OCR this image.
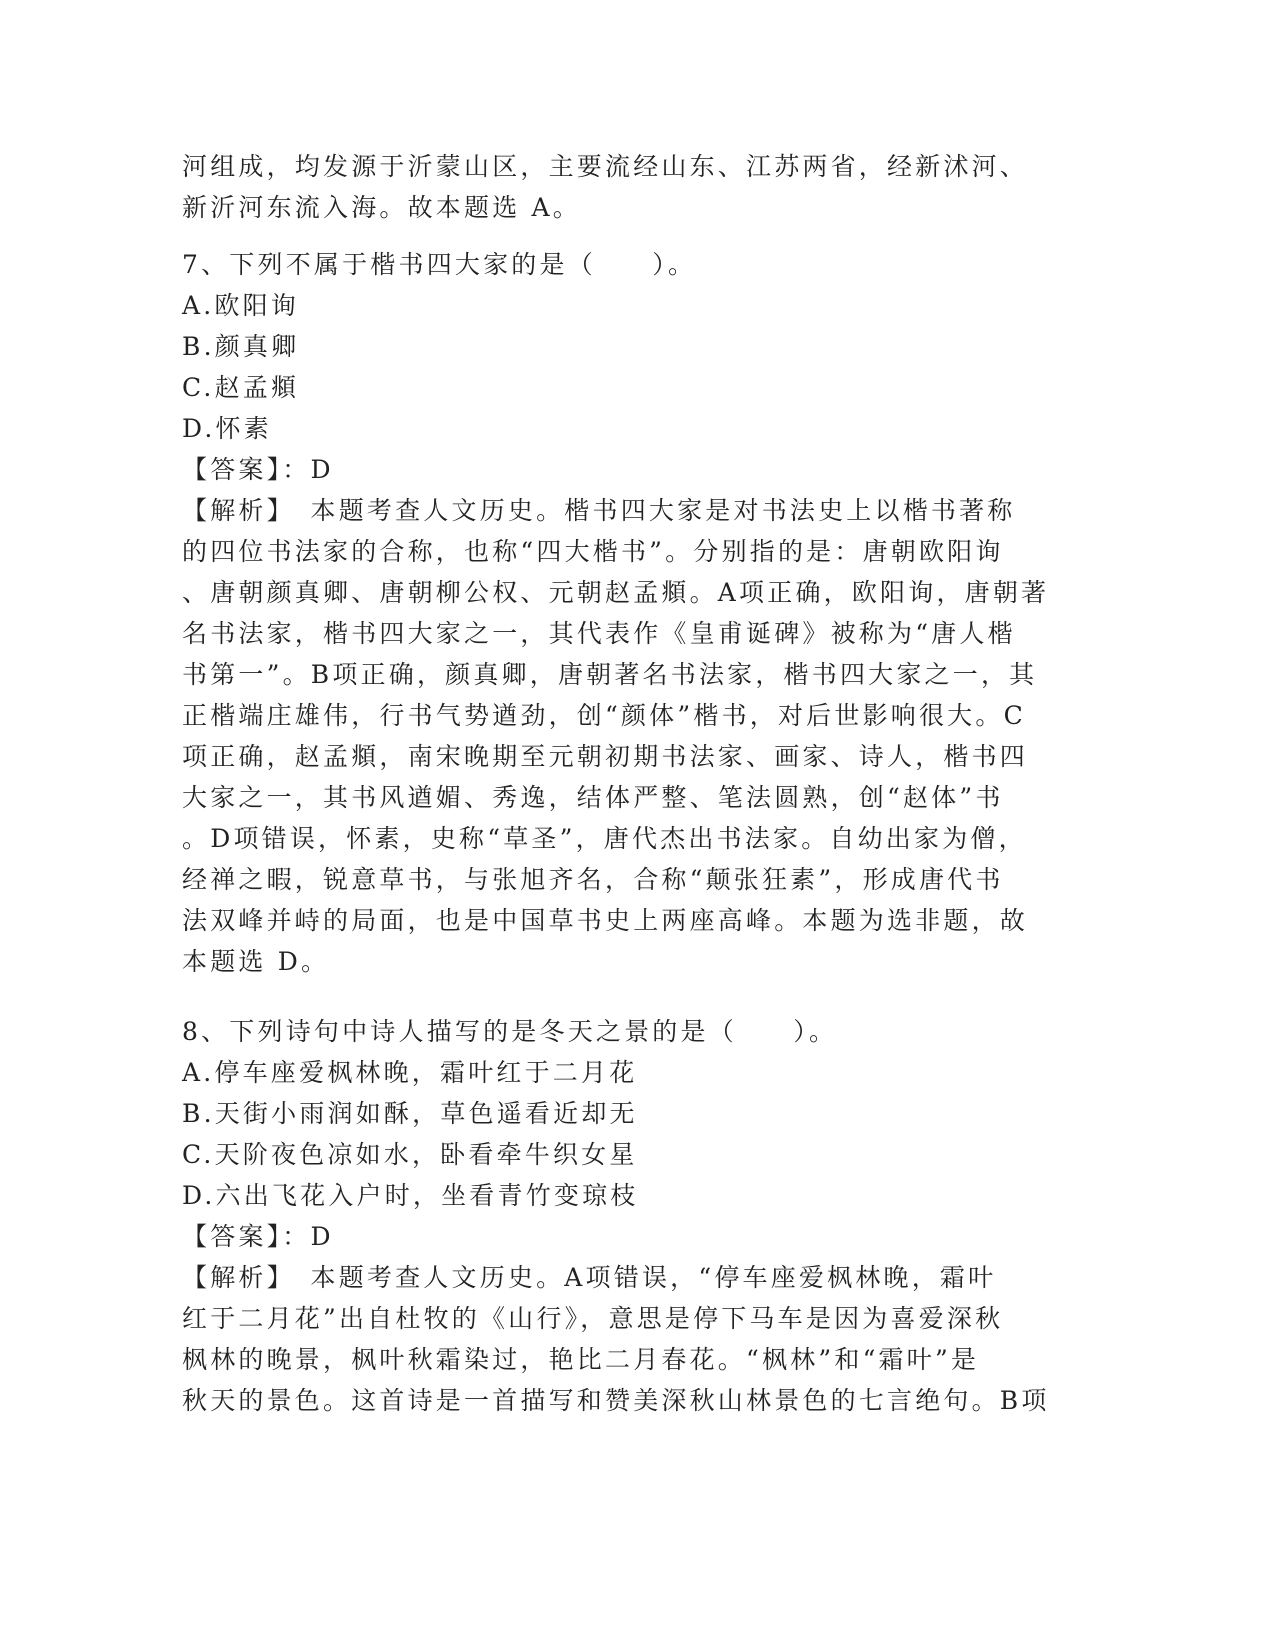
河组成，均发源于沂蒙山区，主要流经山东、江苏两省，经新沭河、
新沂河东流入海。故本题选 A。
7、下列不属于楷书四大家的是（　　）。
A.欧阳询
B.颜真卿
C.赵孟頫
D.怀素
【答案】：D
【解析】　本题考查人文历史。楷书四大家是对书法史上以楷书著称
的四位书法家的合称，也称“四大楷书”。分别指的是：唐朝欧阳询
、唐朝颜真卿、唐朝柳公权、元朝赵孟頫。A项正确，欧阳询，唐朝著
名书法家，楷书四大家之一，其代表作《皇甫诞碑》被称为“唐人楷
书第一”。B项正确，颜真卿，唐朝著名书法家，楷书四大家之一，其
正楷端庄雄伟，行书气势遒劲，创“颜体”楷书，对后世影响很大。C
项正确，赵孟頫，南宋晚期至元朝初期书法家、画家、诗人，楷书四
大家之一，其书风遒媚、秀逸，结体严整、笔法圆熟，创“赵体”书
。D项错误，怀素，史称“草圣”，唐代杰出书法家。自幼出家为僧，
经禅之暇，锐意草书，与张旭齐名，合称“颠张狂素”，形成唐代书
法双峰并峙的局面，也是中国草书史上两座高峰。本题为选非题，故
本题选 D。
8、下列诗句中诗人描写的是冬天之景的是（　　）。
A.停车座爱枫林晚，霜叶红于二月花
B.天街小雨润如酥，草色遥看近却无
C.天阶夜色凉如水，卧看牵牛织女星
D.六出飞花入户时，坐看青竹变琼枝
【答案】：D
【解析】　本题考查人文历史。A项错误，“停车座爱枫林晚，霜叶
红于二月花”出自杜牧的《山行》，意思是停下马车是因为喜爱深秋
枫林的晚景，枫叶秋霜染过，艳比二月春花。“枫林”和“霜叶”是
秋天的景色。这首诗是一首描写和赞美深秋山林景色的七言绝句。B项
